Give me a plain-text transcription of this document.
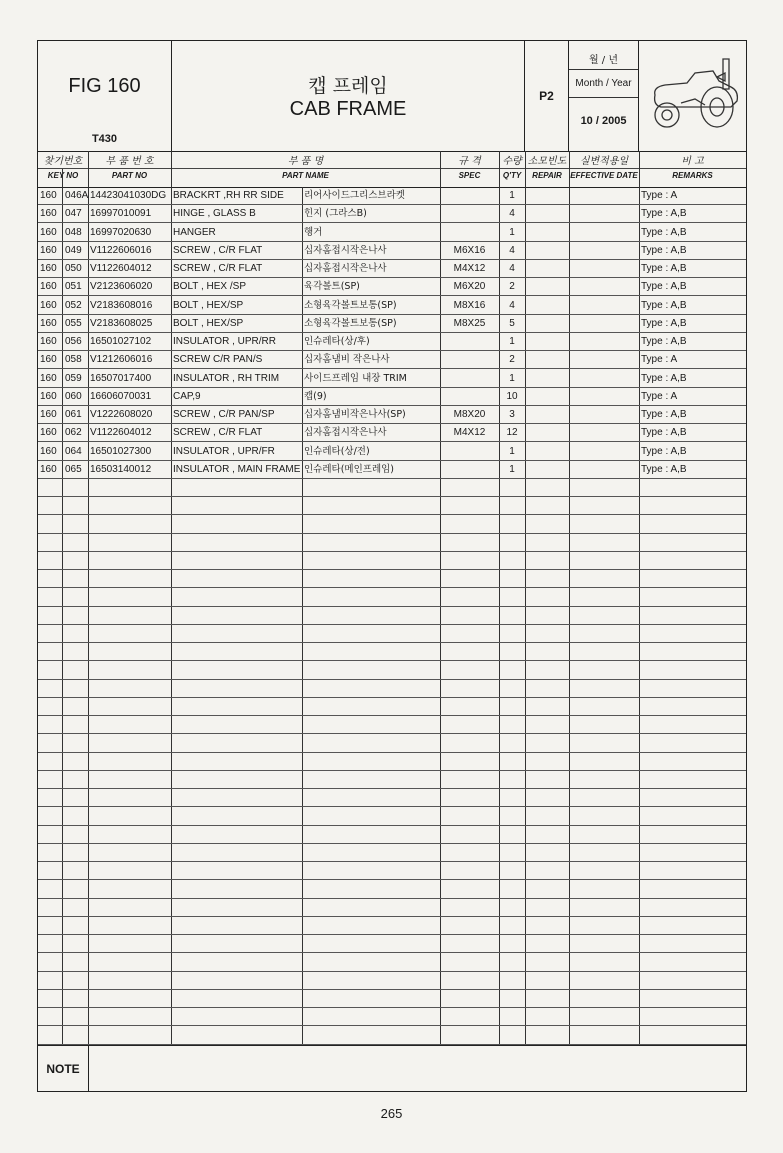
FIG 160
T430
캡 프레임
CAB FRAME
P2
월 / 년
Month / Year
10 / 2005
찾기번호
KEY NO
부 품 번 호
PART NO
부 품 명
PART NAME
규 격
SPEC
수량
Q'TY
소모빈도
REPAIR
실변적용일
EFFECTIVE DATE
비 고
REMARKS
160 046A 14423041030DG BRACKRT ,RH RR SIDE	리어사이드그리스브라켓	1	Type : A
160 047 16997010091	HINGE , GLASS B	힌지 (그라스B)	4	Type : A,B
160 048 16997020630	HANGER	행거	1	Type : A,B
160 049 V1122606016	SCREW , C/R FLAT	십자홈접시작은나사	M6X16	4	Type : A,B
160 050 V1122604012	SCREW , C/R FLAT	십자홈접시작은나사	M4X12	4	Type : A,B
160 051 V2123606020	BOLT , HEX /SP	육각볼트(SP)	M6X20	2	Type : A,B
160 052 V2183608016	BOLT , HEX/SP	소형육각볼트보통(SP)	M8X16	4	Type : A,B
160 055 V2183608025	BOLT , HEX/SP	소형육각볼트보통(SP)	M8X25	5	Type : A,B
160 056 16501027102	INSULATOR , UPR/RR	인슈레타(상/후)	1	Type : A,B
160 058 V1212606016	SCREW C/R PAN/S	십자홈냄비 작은나사	2	Type : A
160 059 16507017400	INSULATOR , RH TRIM	사이드프레임 내장 TRIM	1	Type : A,B
160 060 16606070031	CAP,9	캡(9)	10	Type : A
160 061 V1222608020	SCREW , C/R PAN/SP	십자홈냄비작은나사(SP)	M8X20	3	Type : A,B
160 062 V1122604012	SCREW , C/R FLAT	십자홈접시작은나사	M4X12	12	Type : A,B
160 064 16501027300	INSULATOR , UPR/FR	인슈레타(상/전)	1	Type : A,B
160 065 16503140012	INSULATOR , MAIN FRAME 인슈레타(메인프레임)	1	Type : A,B
NOTE
265
